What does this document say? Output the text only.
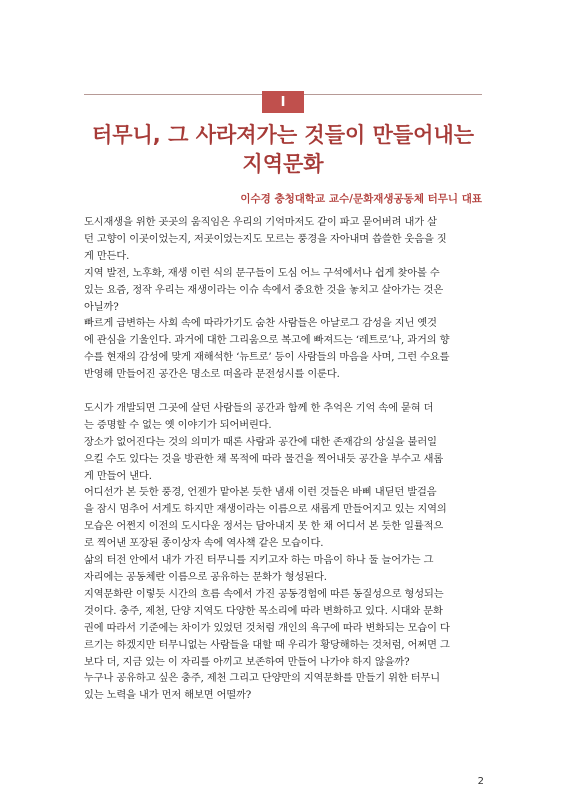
Ⅰ
터무니, 그 사라져가는 것들이 만들어내는
지역문화
이수경 충청대학교 교수/문화재생공동체 터무니 대표

도시재생을 위한 곳곳의 움직임은 우리의 기억마저도 같이 파고 묻어버려 내가 살

던 고향이 이곳이었는지, 저곳이었는지도 모르는 풍경을 자아내며 씁쓸한 웃음을 짓

게 만든다.

지역 발전, 노후화, 재생 이런 식의 문구들이 도심 어느 구석에서나 쉽게 찾아볼 수

있는 요즘, 정작 우리는 재생이라는 이슈 속에서 중요한 것을 놓치고 살아가는 것은

아닐까?

빠르게 급변하는 사회 속에 따라가기도 숨찬 사람들은 아날로그 감성을 지닌 옛것

에 관심을 기울인다. 과거에 대한 그리움으로 복고에 빠져드는 ‘레트로’나, 과거의 향

수를 현재의 감성에 맞게 재해석한 ‘뉴트로’ 등이 사람들의 마음을 사며, 그런 수요를

반영해 만들어진 공간은 명소로 떠올라 문전성시를 이룬다.

도시가 개발되면 그곳에 살던 사람들의 공간과 함께 한 추억은 기억 속에 묻혀 더

는 증명할 수 없는 옛 이야기가 되어버린다.

장소가 없어진다는 것의 의미가 때론 사람과 공간에 대한 존재감의 상실을 불러일

으킬 수도 있다는 것을 방관한 채 목적에 따라 물건을 찍어내듯 공간을 부수고 새롭

게 만들어 낸다.

어디선가 본 듯한 풍경, 언젠가 맡아본 듯한 냄새 이런 것들은 바삐 내딛던 발걸음

을 잠시 멈추어 서게도 하지만 재생이라는 이름으로 새롭게 만들어지고 있는 지역의

모습은 어쩐지 이전의 도시다운 정서는 담아내지 못 한 채 어디서 본 듯한 일률적으

로 찍어낸 포장된 종이상자 속에 역사책 같은 모습이다.

삶의 터전 안에서 내가 가진 터무니를 지키고자 하는 마음이 하나 둘 늘어가는 그

자리에는 공동체란 이름으로 공유하는 문화가 형성된다.

지역문화란 이렇듯 시간의 흐름 속에서 가진 공동경험에 따른 동질성으로 형성되는

것이다. 충주, 제천, 단양 지역도 다양한 목소리에 따라 변화하고 있다. 시대와 문화

권에 따라서 기준에는 차이가 있었던 것처럼 개인의 욕구에 따라 변화되는 모습이 다

르기는 하겠지만 터무니없는 사람들을 대할 때 우리가 황당해하는 것처럼, 어쩌면 그

보다 더, 지금 있는 이 자리를 아끼고 보존하여 만들어 나가야 하지 않을까?

누구나 공유하고 싶은 충주, 제천 그리고 단양만의 지역문화를 만들기 위한 터무니

있는 노력을 내가 먼저 해보면 어떨까?

2
